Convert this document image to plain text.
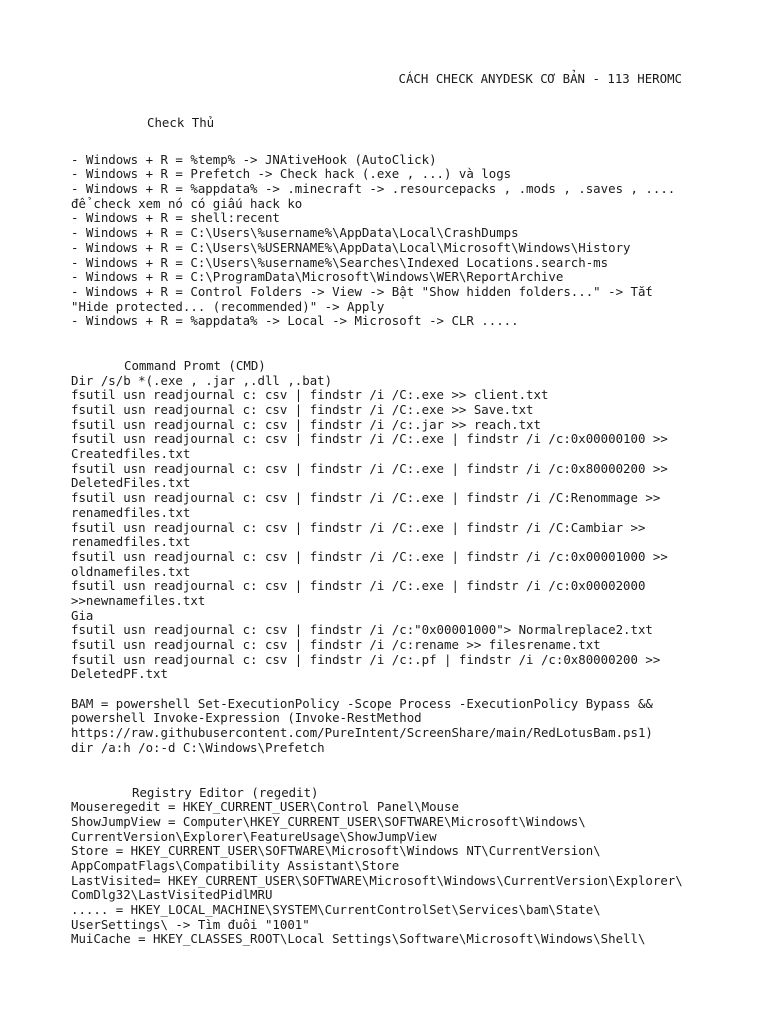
CÁCH CHECK ANYDESK CƠ BẢN - 113 HEROMC
Check Thủ
- Windows + R = %temp% -> JNAtiveHook (AutoClick)
- Windows + R = Prefetch -> Check hack (.exe , ...) và logs
- Windows + R = %appdata% -> .minecraft -> .resourcepacks , .mods , .saves , ....
để check xem nó có giấu hack ko
- Windows + R = shell:recent
- Windows + R = C:\Users\%username%\AppData\Local\CrashDumps
- Windows + R = C:\Users\%USERNAME%\AppData\Local\Microsoft\Windows\History
- Windows + R = C:\Users\%username%\Searches\Indexed Locations.search-ms
- Windows + R = C:\ProgramData\Microsoft\Windows\WER\ReportArchive
- Windows + R = Control Folders -> View -> Bật "Show hidden folders..." -> Tắt
"Hide protected... (recommended)" -> Apply
- Windows + R = %appdata% -> Local -> Microsoft -> CLR .....
Command Promt (CMD)
Dir /s/b *(.exe , .jar ,.dll ,.bat)
fsutil usn readjournal c: csv | findstr /i /C:.exe >> client.txt
fsutil usn readjournal c: csv | findstr /i /C:.exe >> Save.txt
fsutil usn readjournal c: csv | findstr /i /c:.jar >> reach.txt
fsutil usn readjournal c: csv | findstr /i /C:.exe | findstr /i /c:0x00000100 >>
Createdfiles.txt
fsutil usn readjournal c: csv | findstr /i /C:.exe | findstr /i /c:0x80000200 >>
DeletedFiles.txt
fsutil usn readjournal c: csv | findstr /i /C:.exe | findstr /i /C:Renommage >>
renamedfiles.txt
fsutil usn readjournal c: csv | findstr /i /C:.exe | findstr /i /C:Cambiar >>
renamedfiles.txt
fsutil usn readjournal c: csv | findstr /i /C:.exe | findstr /i /c:0x00001000 >>
oldnamefiles.txt
fsutil usn readjournal c: csv | findstr /i /C:.exe | findstr /i /c:0x00002000
>>newnamefiles.txt
Gia
fsutil usn readjournal c: csv | findstr /i /c:"0x00001000"> Normalreplace2.txt
fsutil usn readjournal c: csv | findstr /i /c:rename >> filesrename.txt
fsutil usn readjournal c: csv | findstr /i /c:.pf | findstr /i /c:0x80000200 >>
DeletedPF.txt
BAM = powershell Set-ExecutionPolicy -Scope Process -ExecutionPolicy Bypass &&
powershell Invoke-Expression (Invoke-RestMethod
https://raw.githubusercontent.com/PureIntent/ScreenShare/main/RedLotusBam.ps1)
dir /a:h /o:-d C:\Windows\Prefetch
Registry Editor (regedit)
Mouseregedit = HKEY_CURRENT_USER\Control Panel\Mouse
ShowJumpView = Computer\HKEY_CURRENT_USER\SOFTWARE\Microsoft\Windows\
CurrentVersion\Explorer\FeatureUsage\ShowJumpView
Store = HKEY_CURRENT_USER\SOFTWARE\Microsoft\Windows NT\CurrentVersion\
AppCompatFlags\Compatibility Assistant\Store
LastVisited= HKEY_CURRENT_USER\SOFTWARE\Microsoft\Windows\CurrentVersion\Explorer\
ComDlg32\LastVisitedPidlMRU
..... = HKEY_LOCAL_MACHINE\SYSTEM\CurrentControlSet\Services\bam\State\
UserSettings\ -> Tìm đuôi "1001"
MuiCache = HKEY_CLASSES_ROOT\Local Settings\Software\Microsoft\Windows\Shell\
